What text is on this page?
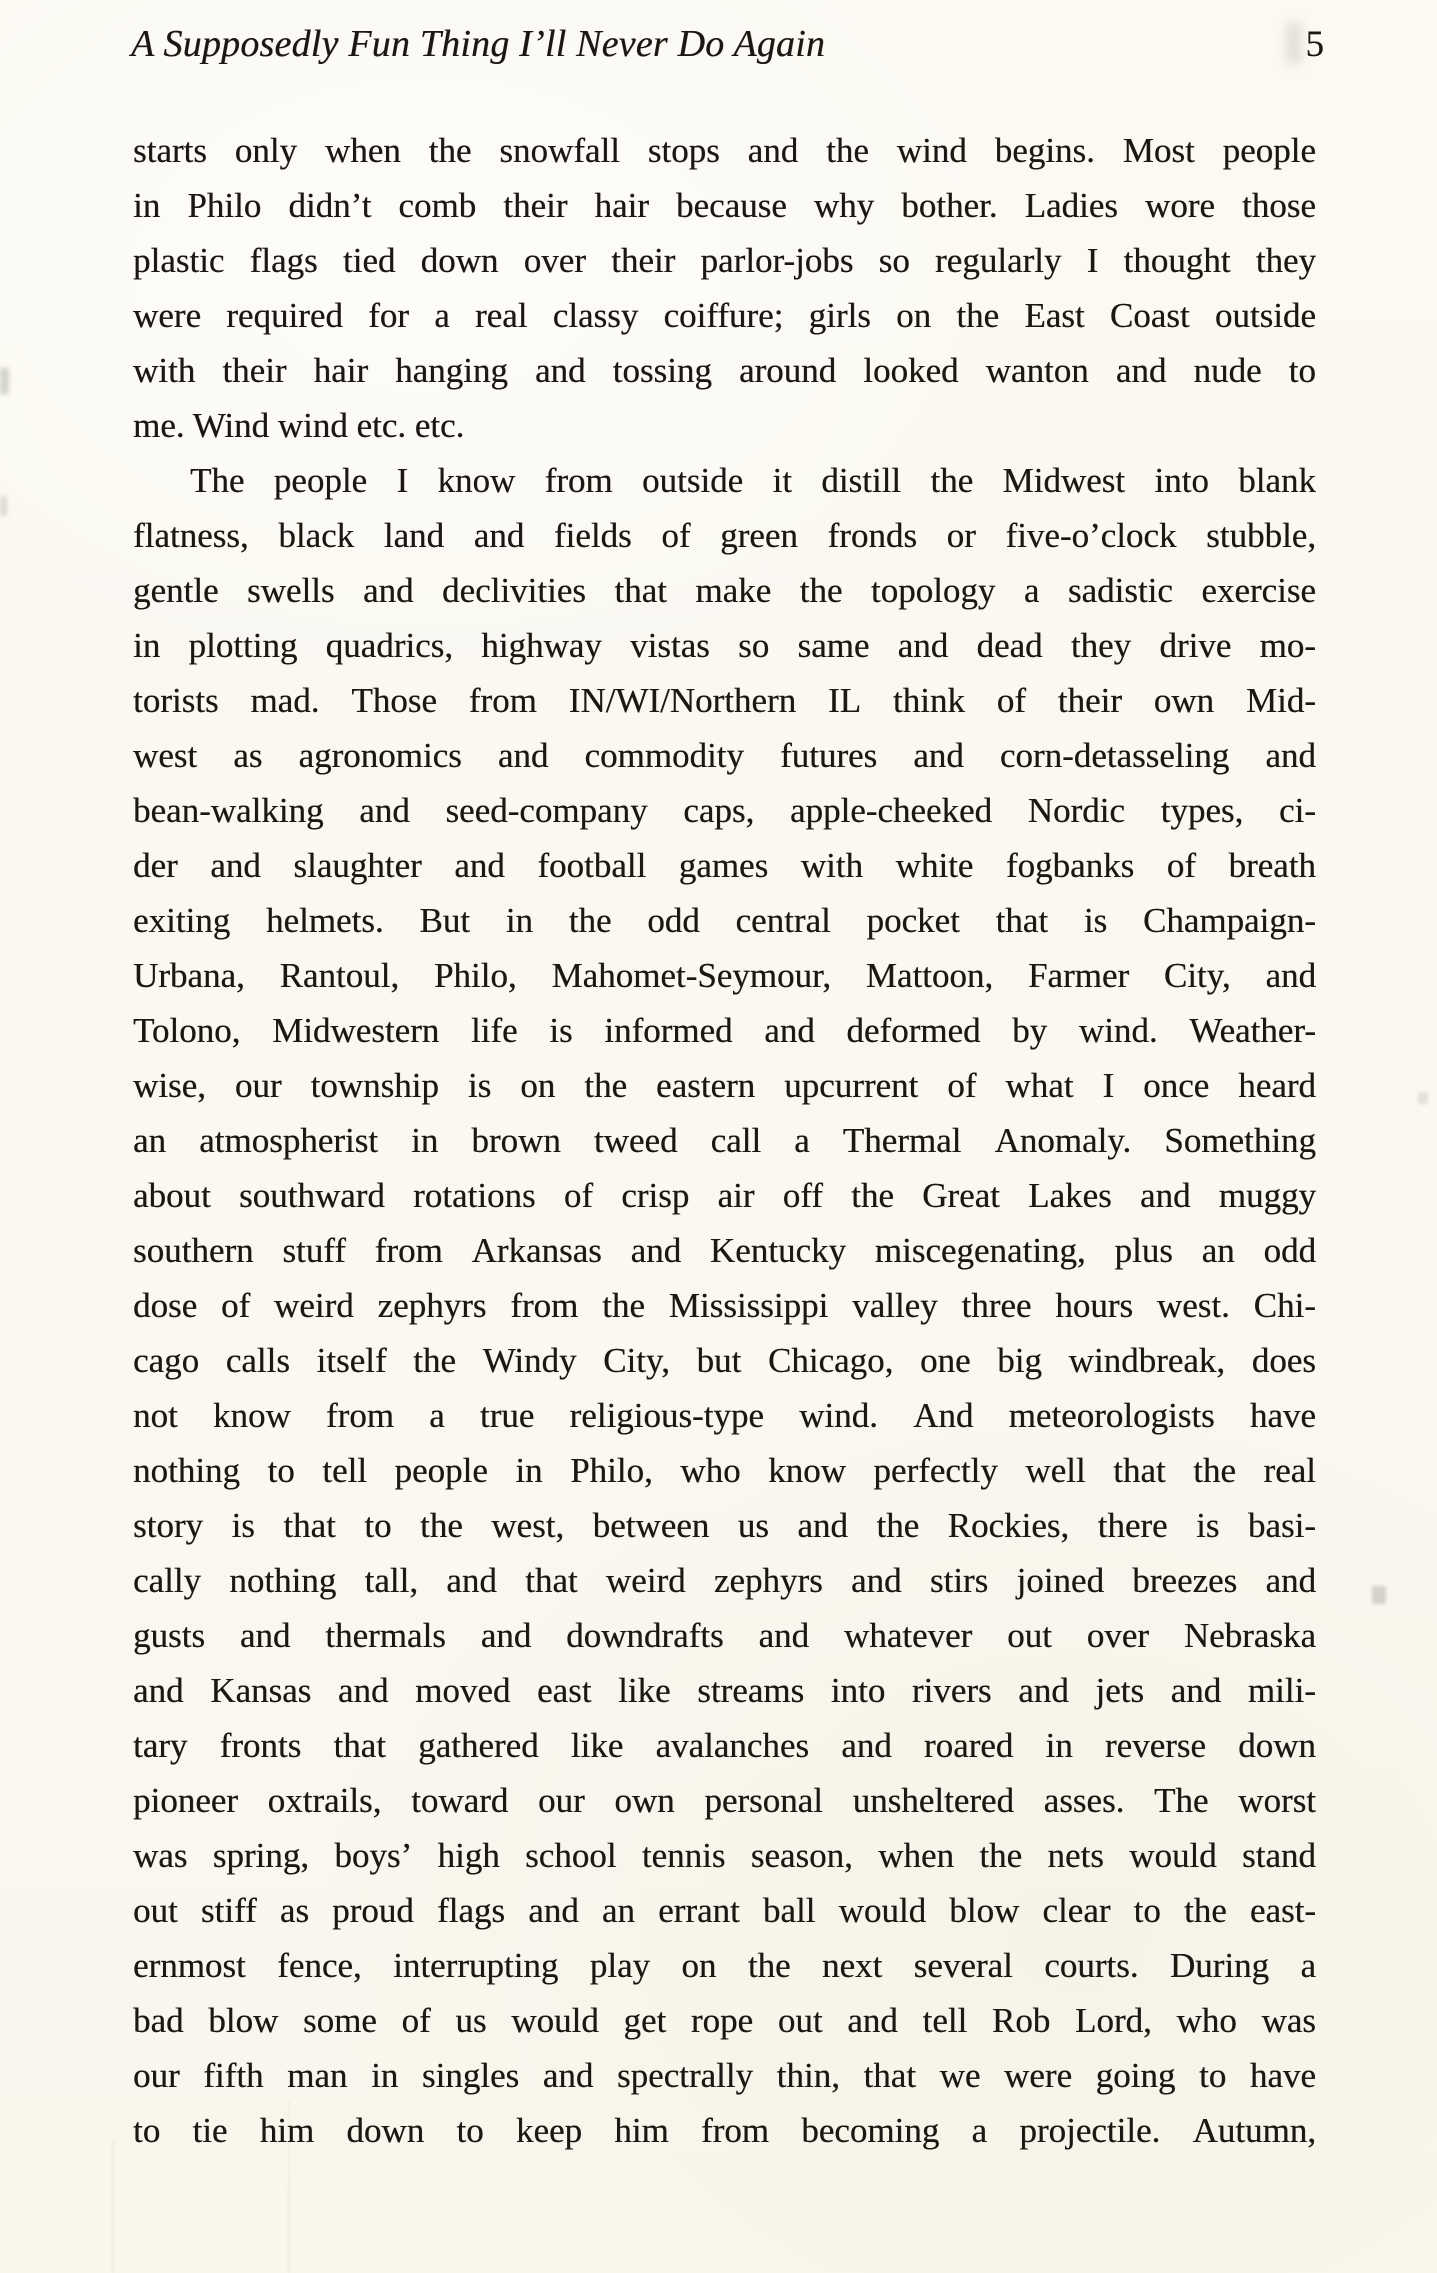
A Supposedly Fun Thing I’ll Never Do Again	5
starts only when the snowfall stops and the wind begins. Most people
in Philo didn’t comb their hair because why bother. Ladies wore those
plastic flags tied down over their parlor-jobs so regularly I thought they
were required for a real classy coiffure; girls on the East Coast outside
with their hair hanging and tossing around looked wanton and nude to
me. Wind wind etc. etc.
The people I know from outside it distill the Midwest into blank
flatness, black land and fields of green fronds or five-o’clock stubble,
gentle swells and declivities that make the topology a sadistic exercise
in plotting quadrics, highway vistas so same and dead they drive mo-
torists mad. Those from IN/WI/Northern IL think of their own Mid-
west as agronomics and commodity futures and corn-detasseling and
bean-walking and seed-company caps, apple-cheeked Nordic types, ci-
der and slaughter and football games with white fogbanks of breath
exiting helmets. But in the odd central pocket that is Champaign-
Urbana, Rantoul, Philo, Mahomet-Seymour, Mattoon, Farmer City, and
Tolono, Midwestern life is informed and deformed by wind. Weather-
wise, our township is on the eastern upcurrent of what I once heard
an atmospherist in brown tweed call a Thermal Anomaly. Something
about southward rotations of crisp air off the Great Lakes and muggy
southern stuff from Arkansas and Kentucky miscegenating, plus an odd
dose of weird zephyrs from the Mississippi valley three hours west. Chi-
cago calls itself the Windy City, but Chicago, one big windbreak, does
not know from a true religious-type wind. And meteorologists have
nothing to tell people in Philo, who know perfectly well that the real
story is that to the west, between us and the Rockies, there is basi-
cally nothing tall, and that weird zephyrs and stirs joined breezes and
gusts and thermals and downdrafts and whatever out over Nebraska
and Kansas and moved east like streams into rivers and jets and mili-
tary fronts that gathered like avalanches and roared in reverse down
pioneer oxtrails, toward our own personal unsheltered asses. The worst
was spring, boys’ high school tennis season, when the nets would stand
out stiff as proud flags and an errant ball would blow clear to the east-
ernmost fence, interrupting play on the next several courts. During a
bad blow some of us would get rope out and tell Rob Lord, who was
our fifth man in singles and spectrally thin, that we were going to have
to tie him down to keep him from becoming a projectile. Autumn,
